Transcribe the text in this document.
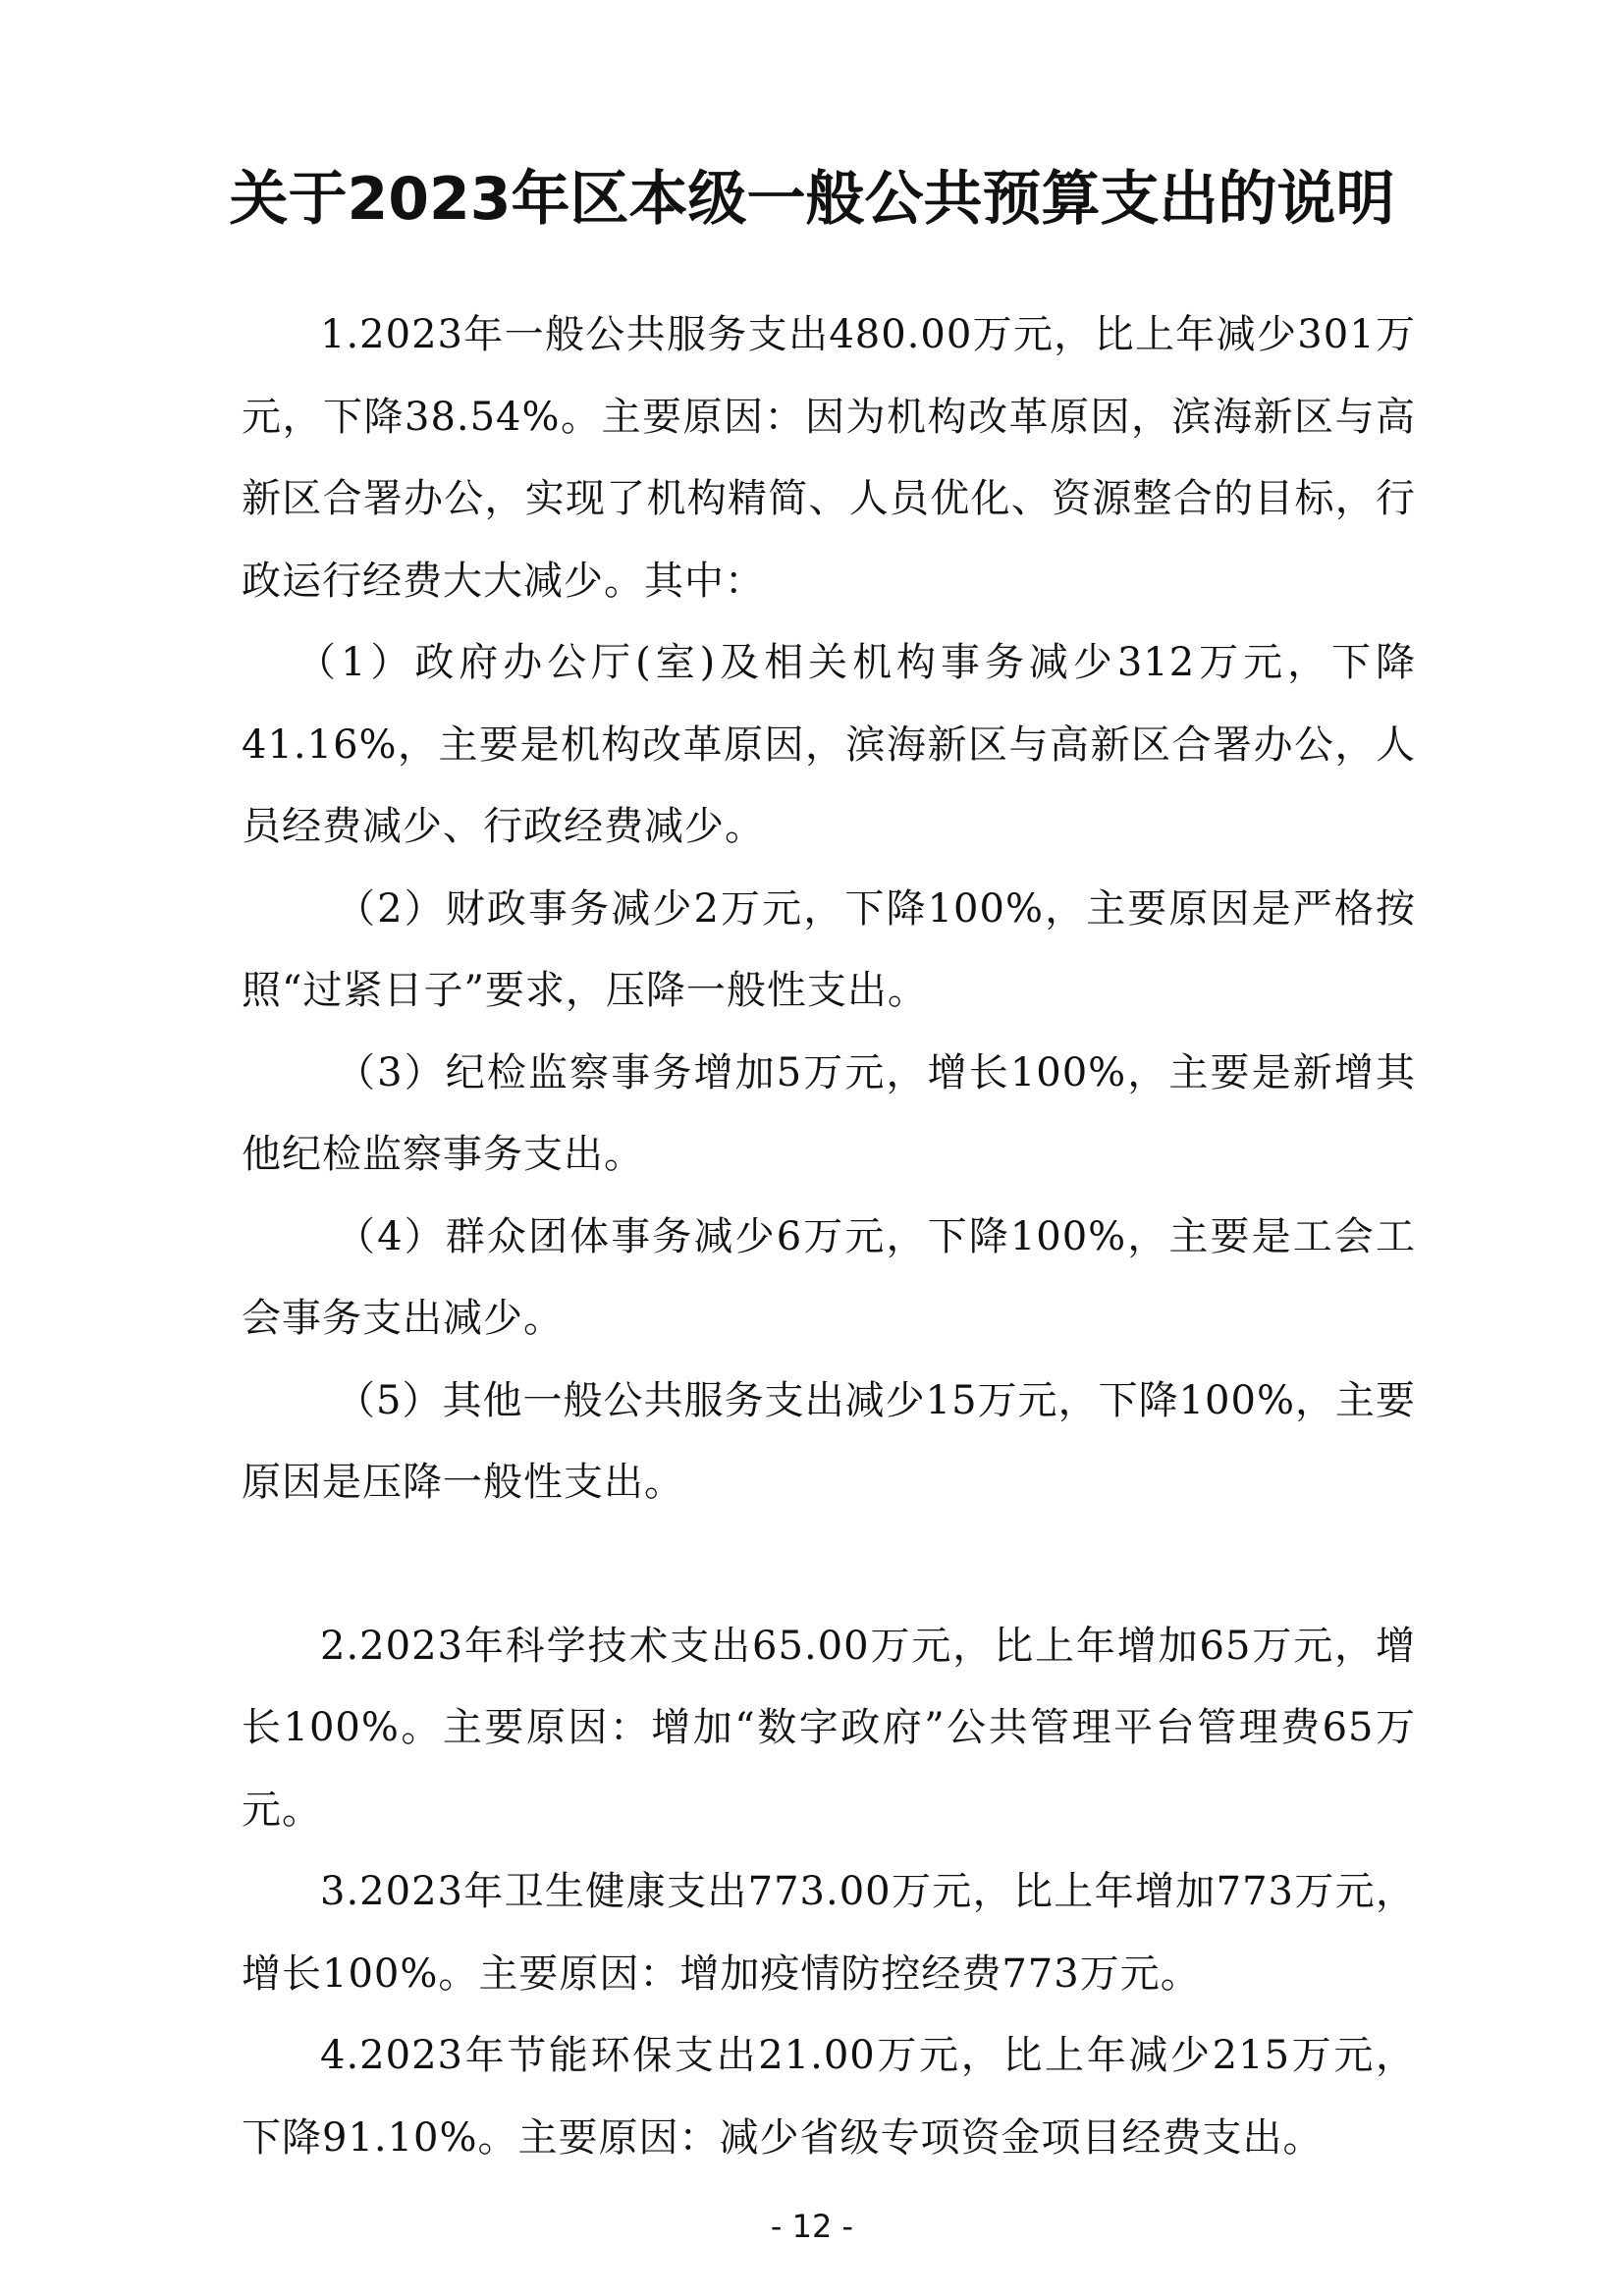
关于2023年区本级一般公共预算支出的说明

1.2023年一般公共服务支出480.00万元，比上年减少301万元，下降38.54%。主要原因：因为机构改革原因，滨海新区与高新区合署办公，实现了机构精简、人员优化、资源整合的目标，行政运行经费大大减少。其中：

（1）政府办公厅(室)及相关机构事务减少312万元，下降41.16%，主要是机构改革原因，滨海新区与高新区合署办公，人员经费减少、行政经费减少。

（2）财政事务减少2万元，下降100%，主要原因是严格按照“过紧日子”要求，压降一般性支出。

（3）纪检监察事务增加5万元，增长100%，主要是新增其他纪检监察事务支出。

（4）群众团体事务减少6万元，下降100%，主要是工会工会事务支出减少。

（5）其他一般公共服务支出减少15万元，下降100%，主要原因是压降一般性支出。

2.2023年科学技术支出65.00万元，比上年增加65万元，增长100%。主要原因：增加“数字政府”公共管理平台管理费65万元。

3.2023年卫生健康支出773.00万元，比上年增加773万元，增长100%。主要原因：增加疫情防控经费773万元。

4.2023年节能环保支出21.00万元，比上年减少215万元，下降91.10%。主要原因：减少省级专项资金项目经费支出。

- 12 -
